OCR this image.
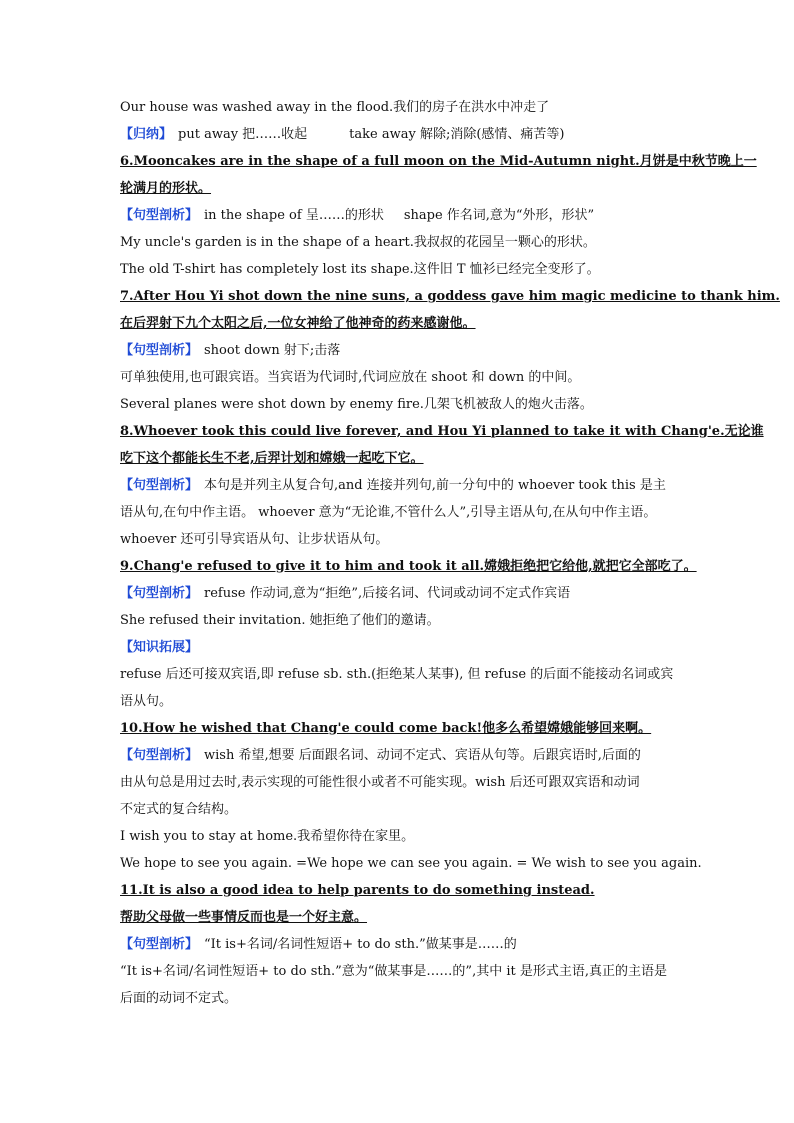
Our house was washed away in the flood.我们的房子在洪水中冲走了
【归纳】 put away 把……收起	take away 解除;消除(感情、痛苦等)
6.Mooncakes are in the shape of a full moon on the Mid-Autumn night.月饼是中秋节晚上一
轮满月的形状。
【句型剖析】 in the shape of 呈……的形状 shape 作名词,意为“外形，形状”
My uncle's garden is in the shape of a heart.我叔叔的花园呈一颗心的形状。
The old T-shirt has completely lost its shape.这件旧 T 恤衫已经完全变形了。
7.After Hou Yi shot down the nine suns, a goddess gave him magic medicine to thank him.
在后羿射下九个太阳之后,一位女神给了他神奇的药来感谢他。
【句型剖析】 shoot down 射下;击落
可单独使用,也可跟宾语。当宾语为代词时,代词应放在 shoot 和 down 的中间。
Several planes were shot down by enemy fire.几架飞机被敌人的炮火击落。
8.Whoever took this could live forever, and Hou Yi planned to take it with Chang'e.无论谁
吃下这个都能长生不老,后羿计划和嫦娥一起吃下它。
【句型剖析】 本句是并列主从复合句,and 连接并列句,前一分句中的 whoever took this 是主
语从句,在句中作主语。 whoever 意为“无论谁,不管什么人”,引导主语从句,在从句中作主语。
whoever 还可引导宾语从句、让步状语从句。
9.Chang'e refused to give it to him and took it all.嫦娥拒绝把它给他,就把它全部吃了。
【句型剖析】 refuse 作动词,意为“拒绝”,后接名词、代词或动词不定式作宾语
She refused their invitation. 她拒绝了他们的邀请。
【知识拓展】
refuse 后还可接双宾语,即 refuse sb. sth.(拒绝某人某事), 但 refuse 的后面不能接动名词或宾
语从句。
10.How he wished that Chang'e could come back!他多么希望嫦娥能够回来啊。
【句型剖析】 wish 希望,想要 后面跟名词、动词不定式、宾语从句等。后跟宾语时,后面的
由从句总是用过去时,表示实现的可能性很小或者不可能实现。wish 后还可跟双宾语和动词
不定式的复合结构。
I wish you to stay at home.我希望你待在家里。
We hope to see you again. =We hope we can see you again. = We wish to see you again.
11.It is also a good idea to help parents to do something instead.
帮助父母做一些事情反而也是一个好主意。
【句型剖析】 “It is+名词/名词性短语+ to do sth.”做某事是……的
“It is+名词/名词性短语+ to do sth.”意为“做某事是……的”,其中 it 是形式主语,真正的主语是
后面的动词不定式。
